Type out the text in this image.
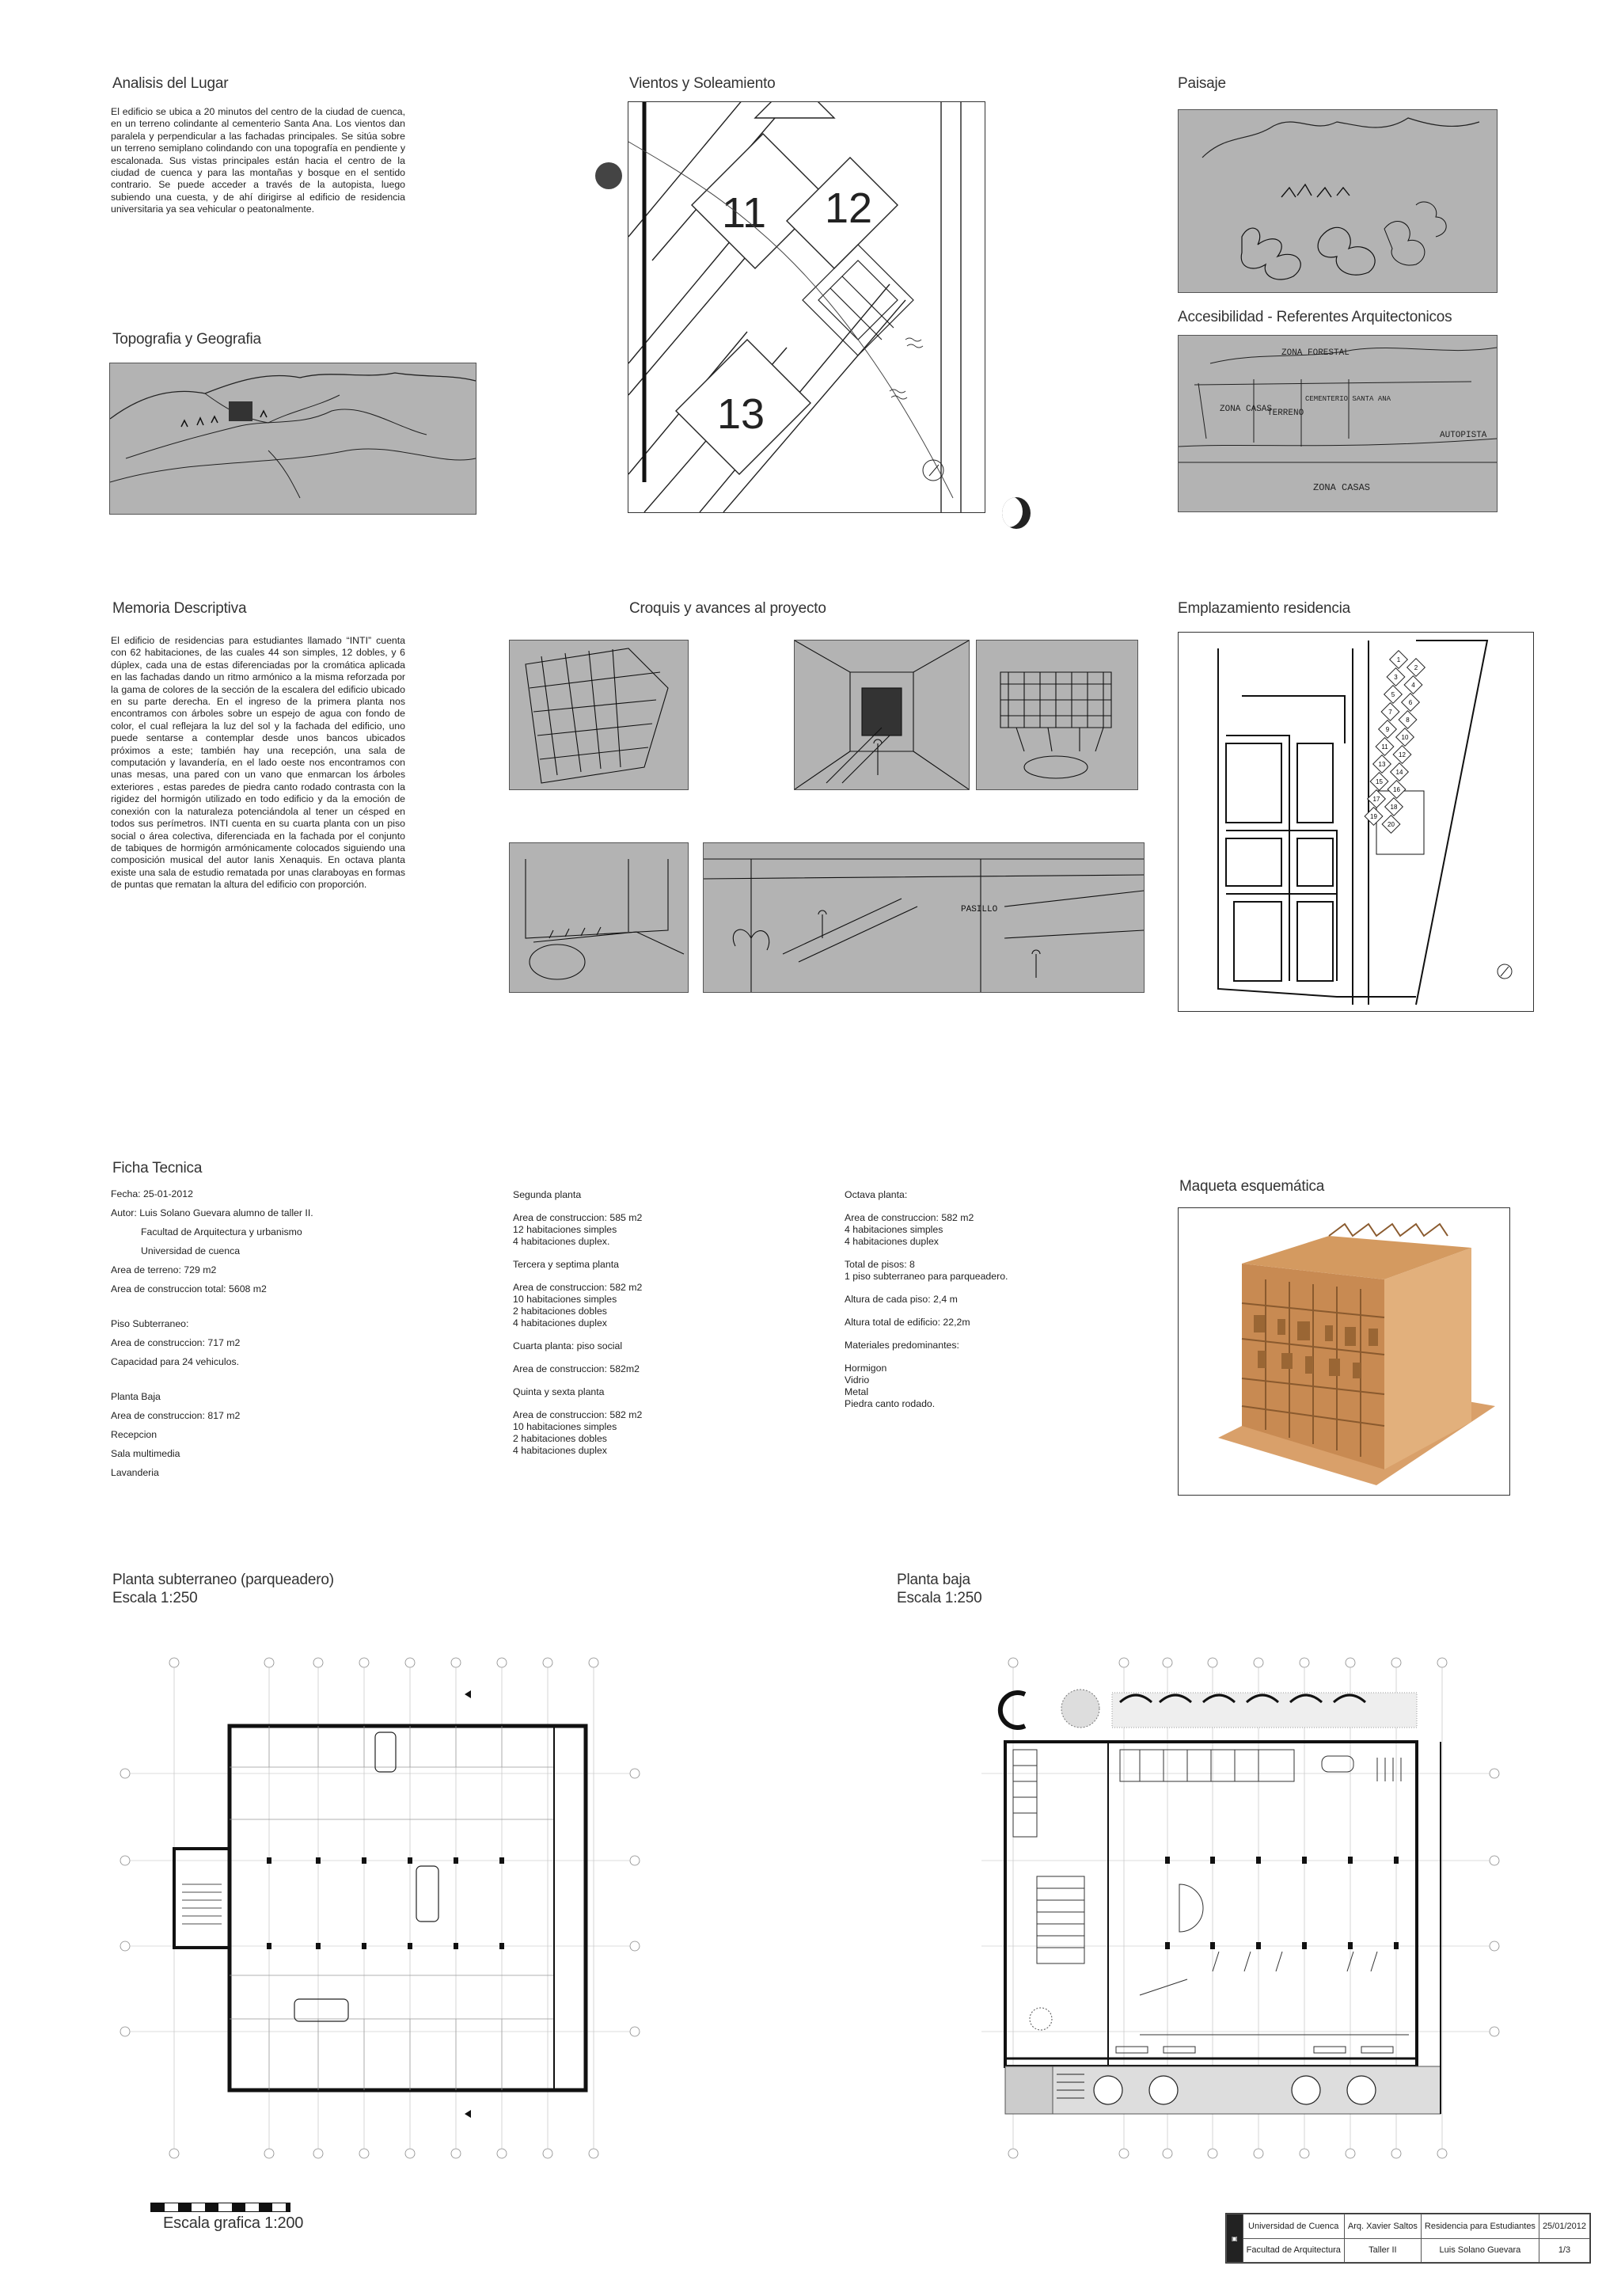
Analisis del Lugar
El edificio se ubica a 20 minutos del centro de la ciudad de cuenca, en un terreno colindante al cementerio Santa Ana. Los vientos dan paralela y perpendicular a las fachadas principales. Se sitúa sobre un terreno semiplano colindando con una topografía en pendiente y escalonada. Sus vistas principales están hacia el centro de la ciudad de cuenca y para las montañas y bosque en el sentido contrario. Se puede acceder a través de la autopista, luego subiendo una cuesta, y de ahí dirigirse al edificio de residencia universitaria ya sea vehicular o peatonalmente.
Topografia y Geografia
Vientos y Soleamiento
11 12
13
Paisaje
Accesibilidad - Referentes Arquitectonicos
ZONA FORESTAL
ZONA CASAS
TERRENO
CEMENTERIO SANTA ANA
AUTOPISTA
ZONA CASAS
Memoria Descriptiva
El edificio de residencias para estudiantes llamado “INTI” cuenta con 62 habitaciones, de las cuales 44 son simples, 12 dobles, y 6 dúplex, cada una de estas diferenciadas por la cromática aplicada en las fachadas dando un ritmo armónico a la misma reforzada por la gama de colores de la sección de la escalera del edificio ubicado en su parte derecha. En el ingreso de la primera planta nos encontramos con árboles sobre un espejo de agua con fondo de color, el cual reflejara la luz del sol y la fachada del edificio, uno puede sentarse a contemplar desde unos bancos ubicados próximos a este; también hay una recepción, una sala de computación y lavandería, en el lado oeste nos encontramos con unas mesas, una pared con un vano que enmarcan los árboles exteriores , estas paredes de piedra canto rodado contrasta con la rigidez del hormigón utilizado en todo edificio y da la emoción de conexión con la naturaleza potenciándola al tener un césped en todos sus perímetros. INTI cuenta en su cuarta planta con un piso social o área colectiva, diferenciada en la fachada por el conjunto de tabiques de hormigón armónicamente colocados siguiendo una composición musical del autor Ianis Xenaquis. En octava planta existe una sala de estudio rematada por unas claraboyas en formas de puntas que rematan la altura del edificio con proporción.
Croquis y avances al proyecto
PASILLO
Emplazamiento residencia
1
2
3
4
5
6
7
8
9
10
11
12
13
14
15
16
17
18
19
20
Ficha Tecnica
Fecha: 25-01-2012
Autor: Luis Solano Guevara alumno de taller II.
Facultad de Arquitectura y urbanismo
Universidad de cuenca
Area de terreno: 729 m2
Area de construccion total: 5608 m2
Piso Subterraneo:
Area de construccion: 717 m2
Capacidad para 24 vehiculos.
Planta Baja
Area de construccion: 817 m2
Recepcion
Sala multimedia
Lavanderia
Segunda planta
Area de construccion: 585 m2
12 habitaciones simples
4 habitaciones duplex.
Tercera y septima planta
Area de construccion: 582 m2
10 habitaciones simples
2 habitaciones dobles
4 habitaciones duplex
Cuarta planta: piso social
Area de construccion: 582m2
Quinta y sexta planta
Area de construccion: 582 m2
10 habitaciones simples
2 habitaciones dobles
4 habitaciones duplex
Octava planta:
Area de construccion: 582 m2
4 habitaciones simples
4 habitaciones duplex
Total de pisos: 8
1 piso subterraneo para parqueadero.
Altura de cada piso: 2,4 m
Altura total de edificio: 22,2m
Materiales predominantes:
Hormigon
Vidrio
Metal
Piedra canto rodado.
Maqueta esquemática
Planta subterraneo (parqueadero)
Escala 1:250
Planta baja
Escala 1:250
Escala grafica 1:200
▣	Universidad de Cuenca	Arq. Xavier Saltos	Residencia para Estudiantes	25/01/2012
	Facultad de Arquitectura	Taller II	Luis Solano Guevara	1/3
